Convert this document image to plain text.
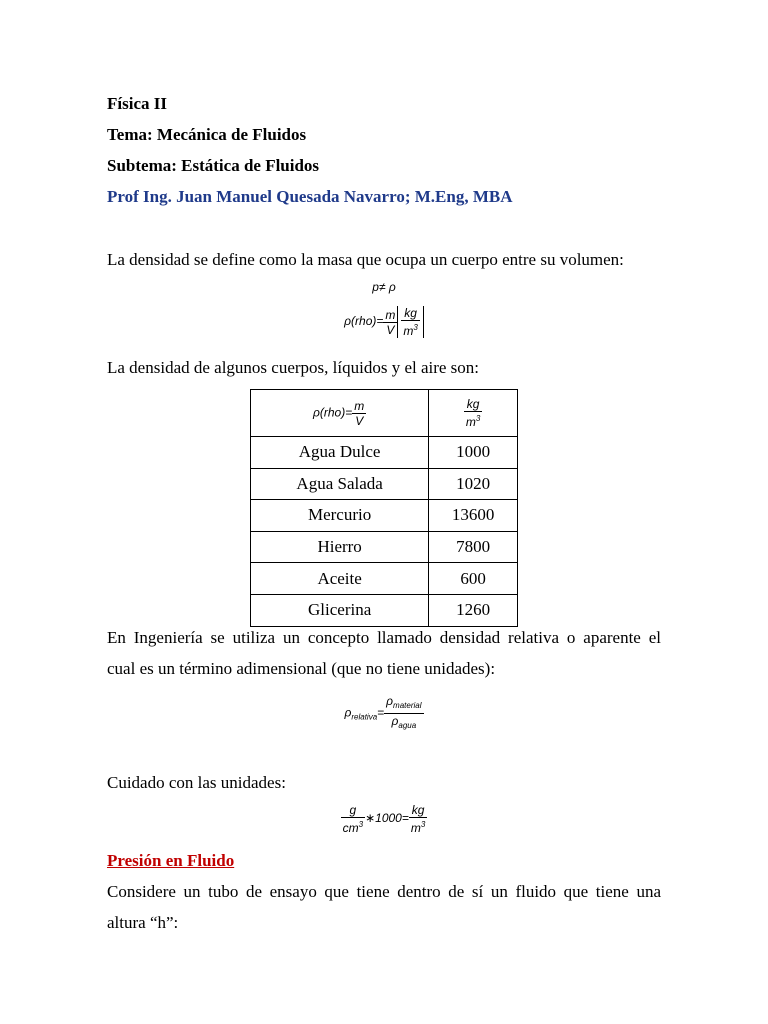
Física II
Tema: Mecánica de Fluidos
Subtema: Estática de Fluidos
Prof Ing. Juan Manuel Quesada Navarro; M.Eng, MBA
La densidad se define como la masa que ocupa un cuerpo entre su volumen:
p≠ ρ
$\rho(rho)= \frac{m}{V} \frac{kg}{m^3}$
La densidad de algunos cuerpos, líquidos y el aire son:
$\rho(rho)= \frac{m}{V}$	$\frac{kg}{m^3}$

Agua Dulce	1000
Agua Salada	1020
Mercurio	13600
Hierro	7800
Aceite	600
Glicerina	1260
En Ingeniería se utiliza un concepto llamado densidad relativa o aparente el
cual es un término adimensional (que no tiene unidades):
$\rho_{relativa}= \frac{\rho_{material}}{\rho_{agua}}$
Cuidado con las unidades:
$\frac{g}{cm^3}$ ∗1000= $\frac{kg}{m^3}$
Presión en Fluido
Considere un tubo de ensayo que tiene dentro de sí un fluido que tiene una
altura “h”:
